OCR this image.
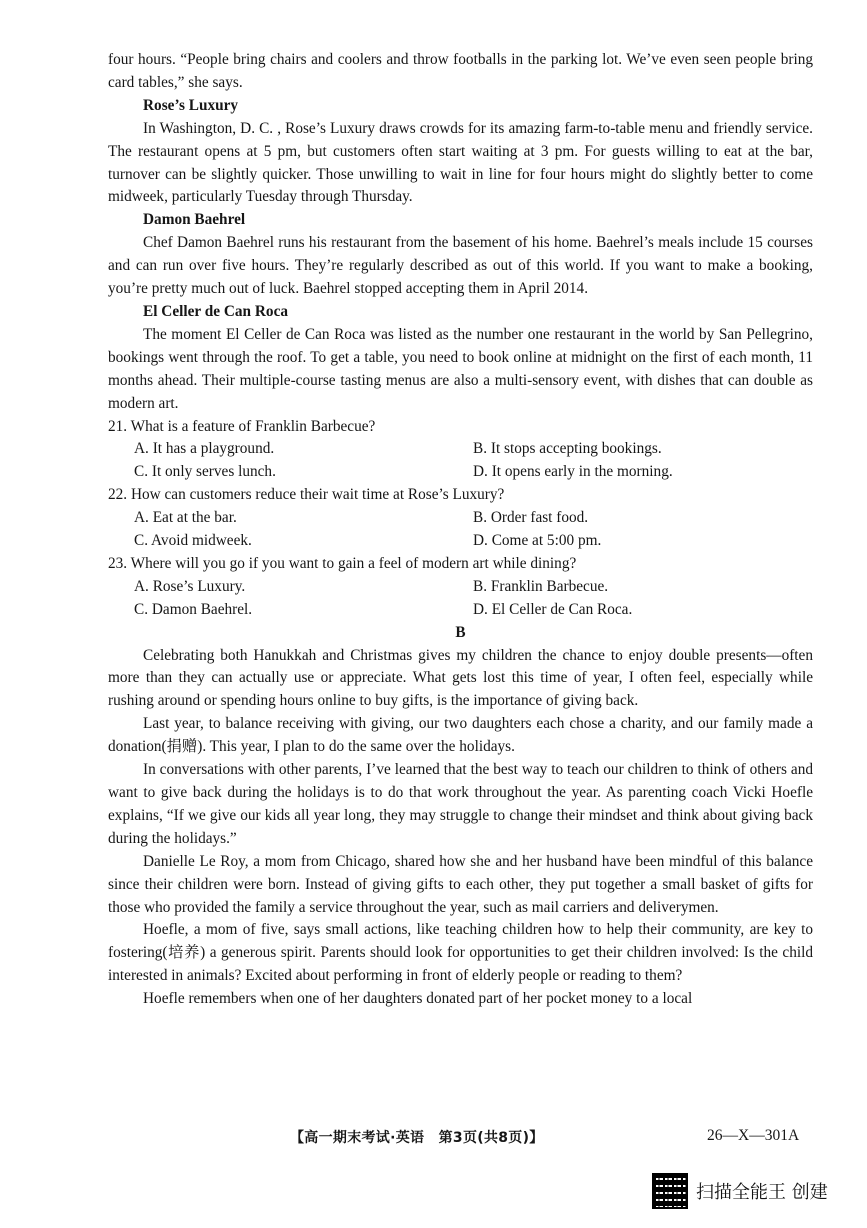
four hours. “People bring chairs and coolers and throw footballs in the parking lot. We’ve even seen people bring card tables,” she says.

Rose’s Luxury

In Washington, D. C. , Rose’s Luxury draws crowds for its amazing farm-to-table menu and friendly service. The restaurant opens at 5 pm, but customers often start waiting at 3 pm. For guests willing to eat at the bar, turnover can be slightly quicker. Those unwilling to wait in line for four hours might do slightly better to come midweek, particularly Tuesday through Thursday.

Damon Baehrel

Chef Damon Baehrel runs his restaurant from the basement of his home. Baehrel’s meals include 15 courses and can run over five hours. They’re regularly described as out of this world. If you want to make a booking, you’re pretty much out of luck. Baehrel stopped accepting them in April 2014.

El Celler de Can Roca

The moment El Celler de Can Roca was listed as the number one restaurant in the world by San Pellegrino, bookings went through the roof. To get a table, you need to book online at midnight on the first of each month, 11 months ahead. Their multiple-course tasting menus are also a multi-sensory event, with dishes that can double as modern art.

21. What is a feature of Franklin Barbecue?

A. It has a playground.	B. It stops accepting bookings.
C. It only serves lunch.	D. It opens early in the morning.

22. How can customers reduce their wait time at Rose’s Luxury?

A. Eat at the bar.	B. Order fast food.
C. Avoid midweek.	D. Come at 5:00 pm.

23. Where will you go if you want to gain a feel of modern art while dining?

A. Rose’s Luxury.	B. Franklin Barbecue.
C. Damon Baehrel.	D. El Celler de Can Roca.

B

Celebrating both Hanukkah and Christmas gives my children the chance to enjoy double presents—often more than they can actually use or appreciate. What gets lost this time of year, I often feel, especially while rushing around or spending hours online to buy gifts, is the importance of giving back.

Last year, to balance receiving with giving, our two daughters each chose a charity, and our family made a donation(捐赠). This year, I plan to do the same over the holidays.

In conversations with other parents, I’ve learned that the best way to teach our children to think of others and want to give back during the holidays is to do that work throughout the year. As parenting coach Vicki Hoefle explains, “If we give our kids all year long, they may struggle to change their mindset and think about giving back during the holidays.”

Danielle Le Roy, a mom from Chicago, shared how she and her husband have been mindful of this balance since their children were born. Instead of giving gifts to each other, they put together a small basket of gifts for those who provided the family a service throughout the year, such as mail carriers and deliverymen.

Hoefle, a mom of five, says small actions, like teaching children how to help their community, are key to fostering(培养) a generous spirit. Parents should look for opportunities to get their children involved: Is the child interested in animals? Excited about performing in front of elderly people or reading to them?

Hoefle remembers when one of her daughters donated part of her pocket money to a local

【高一期末考试·英语　第3页(共8页)】	26—X—301A
扫描全能王 创建
